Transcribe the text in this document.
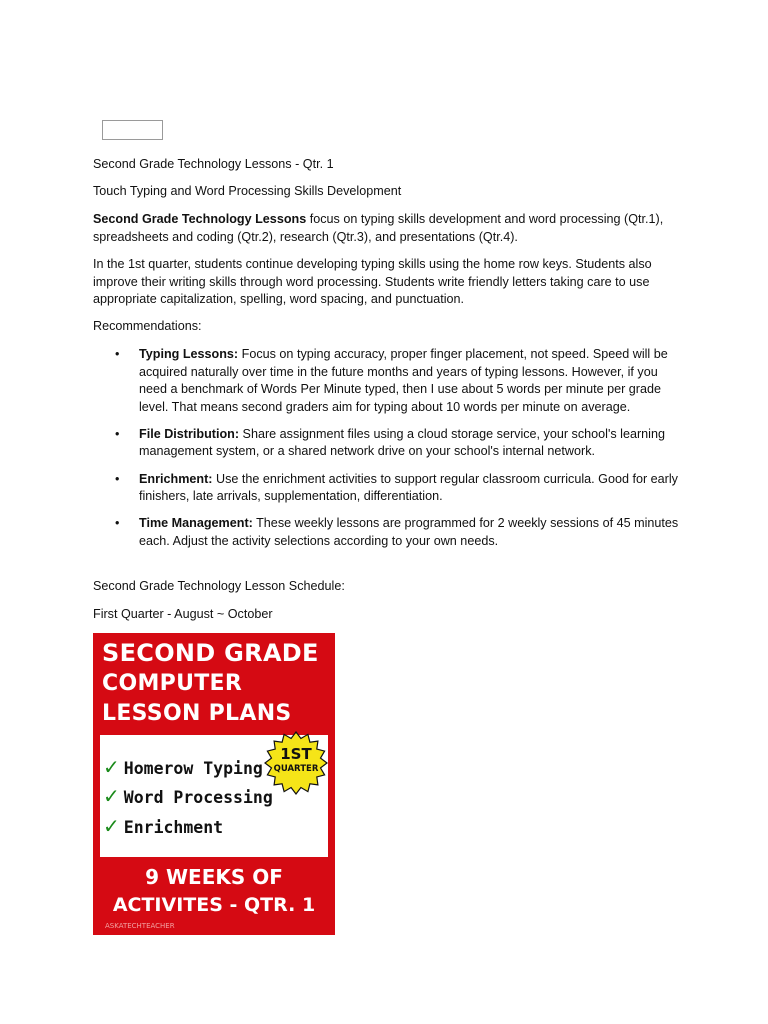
Second Grade Technology Lessons - Qtr. 1

Touch Typing and Word Processing Skills Development

Second Grade Technology Lessons focus on typing skills development and word processing (Qtr.1), spreadsheets and coding (Qtr.2), research (Qtr.3), and presentations (Qtr.4).

In the 1st quarter, students continue developing typing skills using the home row keys. Students also improve their writing skills through word processing. Students write friendly letters taking care to use appropriate capitalization, spelling, word spacing, and punctuation.

Recommendations:

• Typing Lessons: Focus on typing accuracy, proper finger placement, not speed. Speed will be acquired naturally over time in the future months and years of typing lessons. However, if you need a benchmark of Words Per Minute typed, then I use about 5 words per minute per grade level. That means second graders aim for typing about 10 words per minute on average.
• File Distribution: Share assignment files using a cloud storage service, your school's learning management system, or a shared network drive on your school's internal network.
• Enrichment: Use the enrichment activities to support regular classroom curricula. Good for early finishers, late arrivals, supplementation, differentiation.
• Time Management: These weekly lessons are programmed for 2 weekly sessions of 45 minutes each. Adjust the activity selections according to your own needs.

Second Grade Technology Lesson Schedule:

First Quarter - August ~ October

SECOND GRADE
COMPUTER
LESSON PLANS
✓ Homerow Typing
✓ Word Processing
✓ Enrichment
1ST
QUARTER
9 WEEKS OF
ACTIVITES - QTR. 1
ASKATECHTEACHER
